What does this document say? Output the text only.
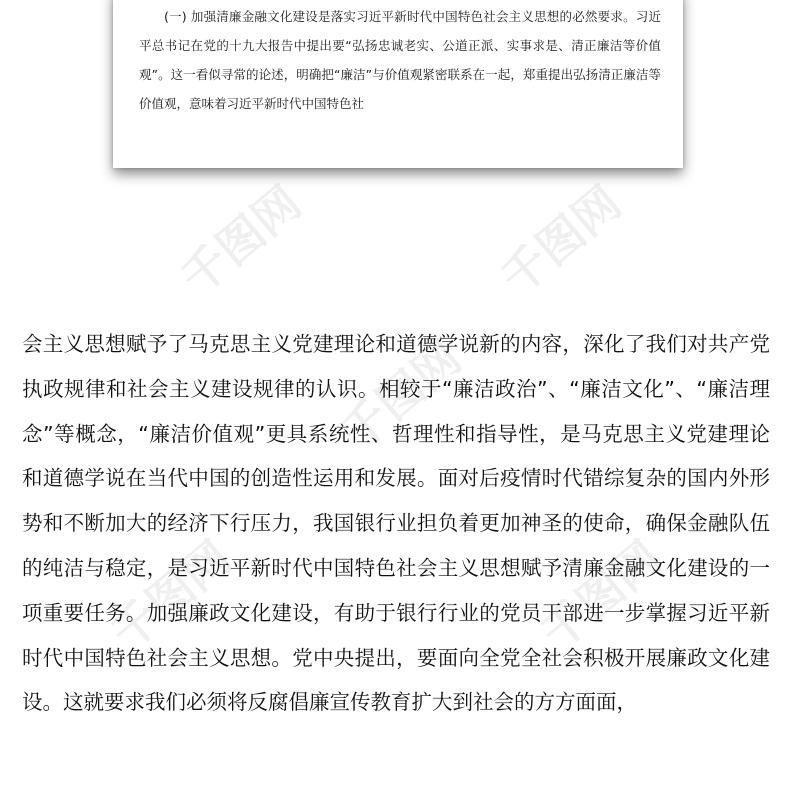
(一) 加强清廉金融文化建设是落实习近平新时代中国特色社会主义思想的必然要求。习近平总书记在党的十九大报告中提出要“弘扬忠诚老实、公道正派、实事求是、清正廉洁等价值观”。这一看似寻常的论述，明确把“廉洁”与价值观紧密联系在一起，郑重提出弘扬清正廉洁等价值观，意味着习近平新时代中国特色社

千图网	千图网
千图网
千图网	千图网

会主义思想赋予了马克思主义党建理论和道德学说新的内容，深化了我们对共产党执政规律和社会主义建设规律的认识。相较于“廉洁政治”、“廉洁文化”、“廉洁理念”等概念，“廉洁价值观”更具系统性、哲理性和指导性，是马克思主义党建理论和道德学说在当代中国的创造性运用和发展。面对后疫情时代错综复杂的国内外形势和不断加大的经济下行压力，我国银行业担负着更加神圣的使命，确保金融队伍的纯洁与稳定，是习近平新时代中国特色社会主义思想赋予清廉金融文化建设的一项重要任务。加强廉政文化建设，有助于银行行业的党员干部进一步掌握习近平新时代中国特色社会主义思想。党中央提出，要面向全党全社会积极开展廉政文化建设。这就要求我们必须将反腐倡廉宣传教育扩大到社会的方方面面，
